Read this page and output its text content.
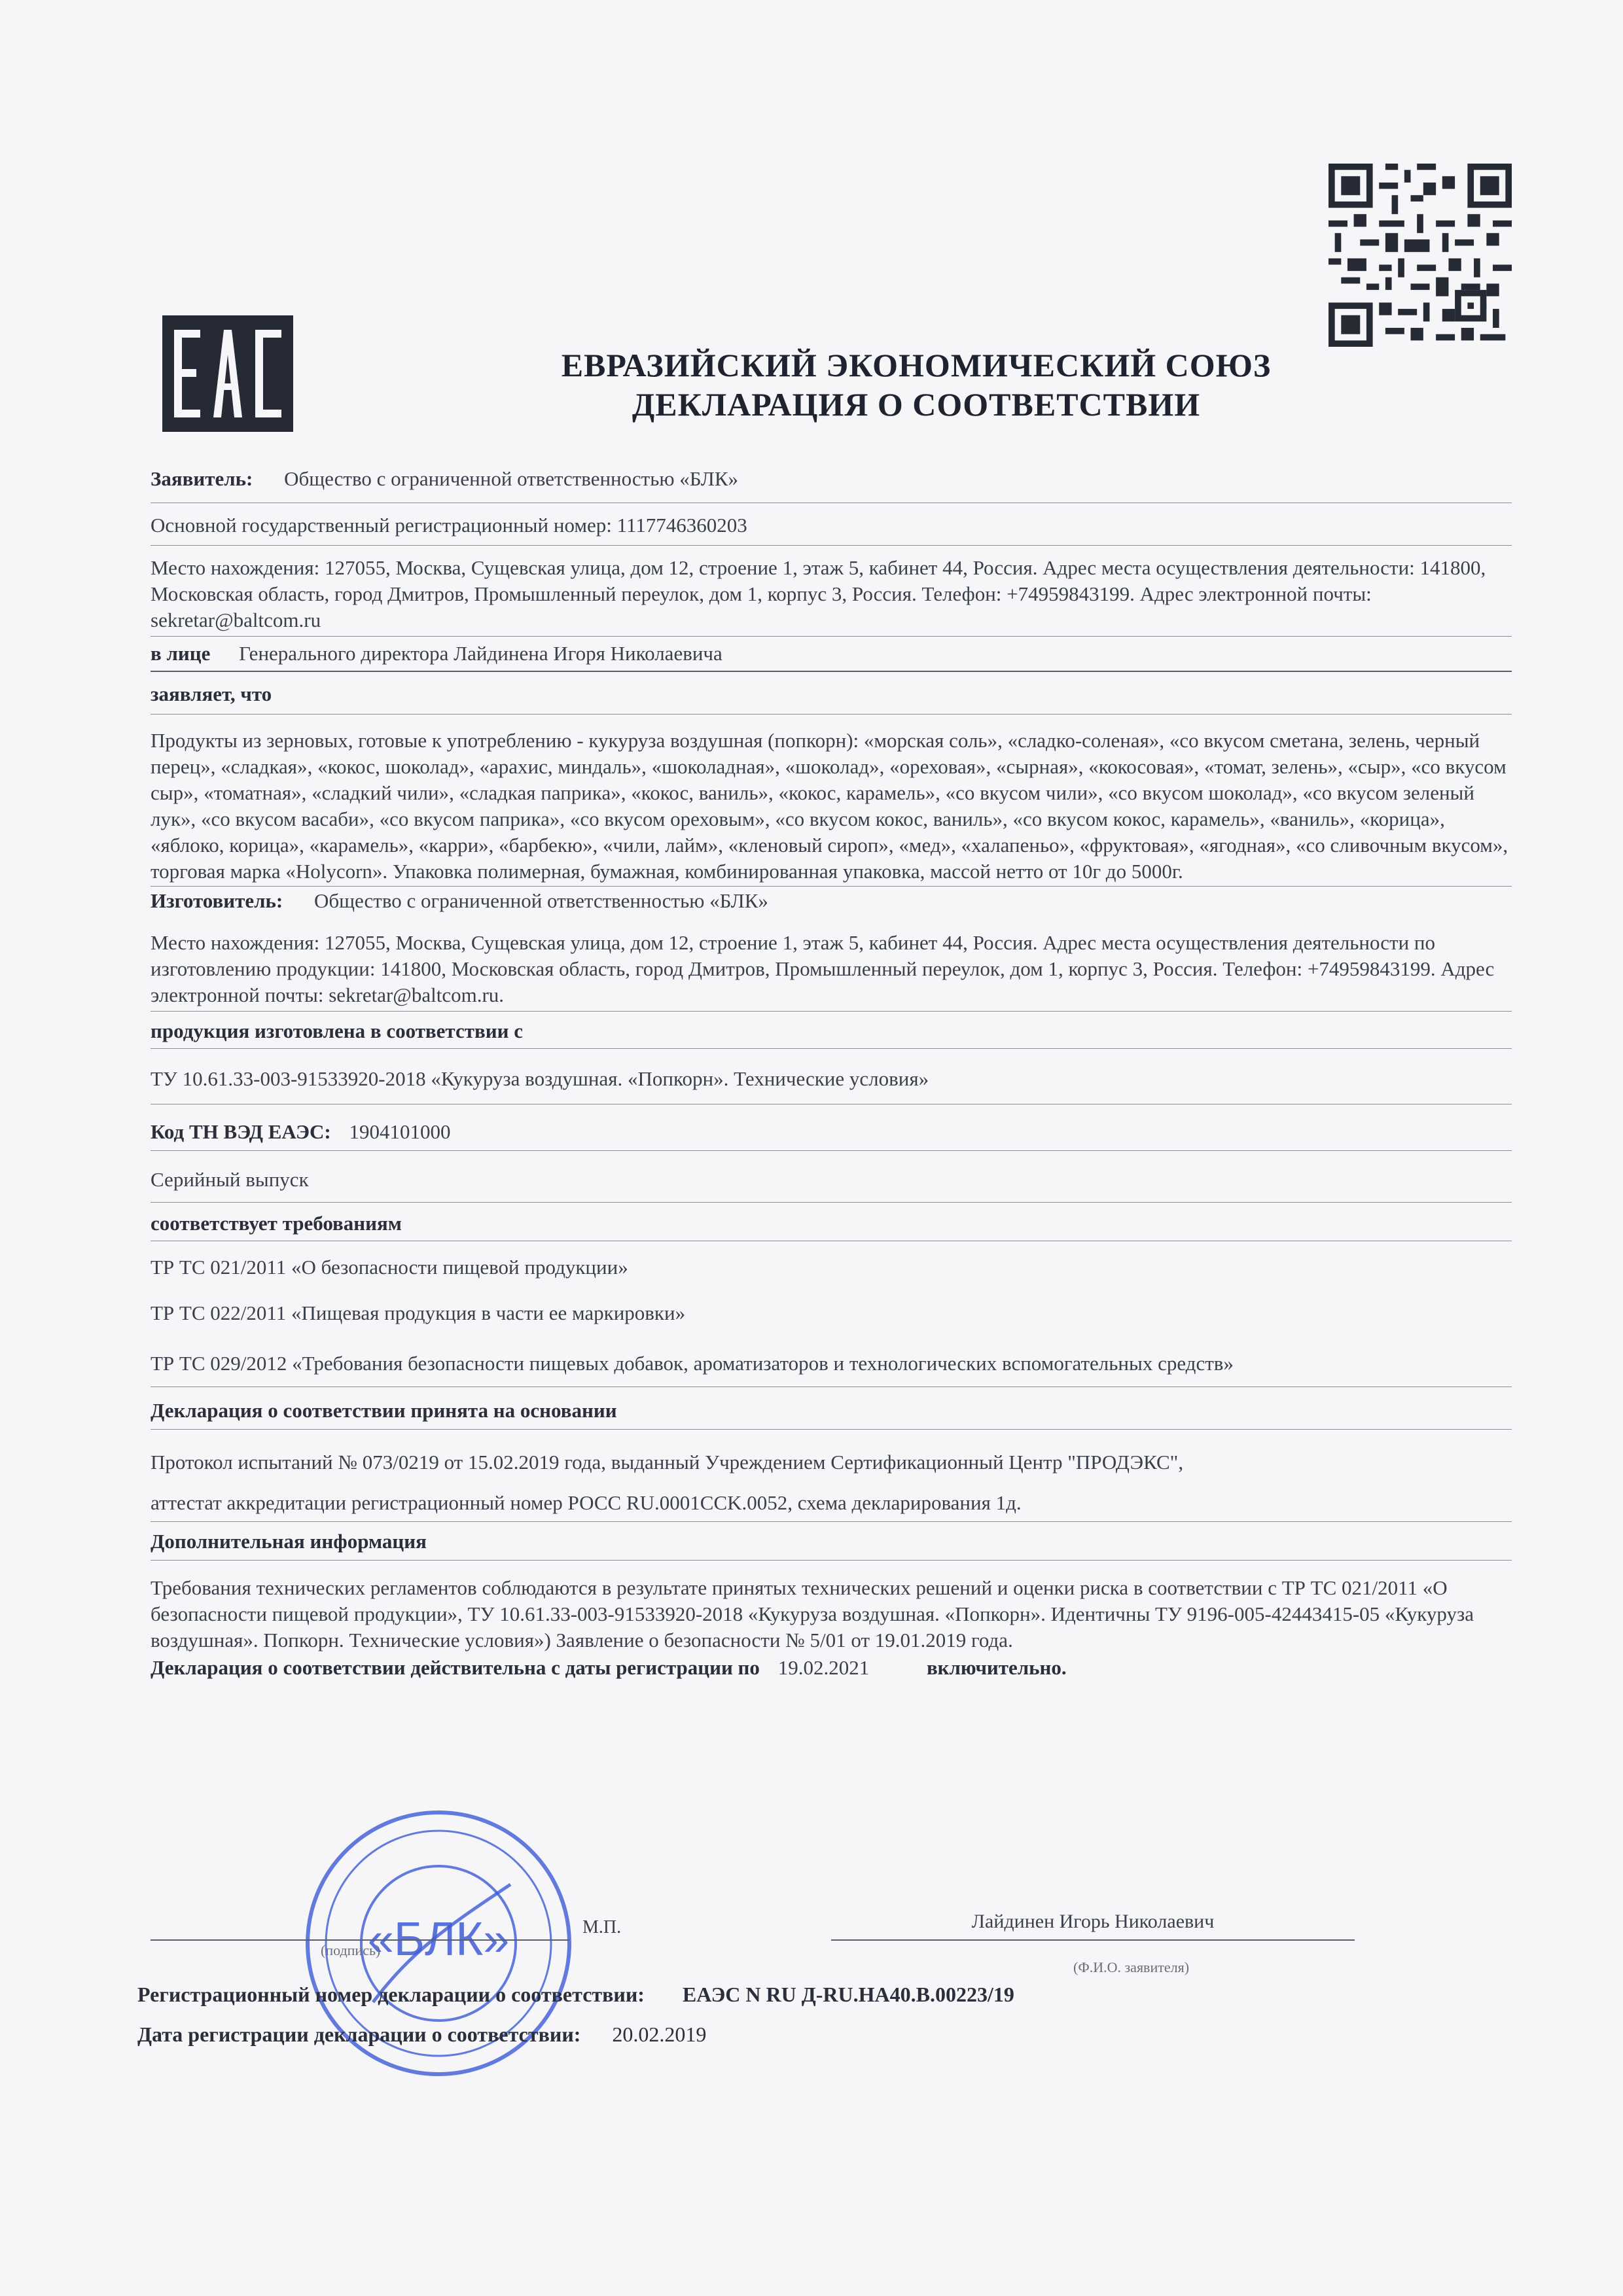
ЕВРАЗИЙСКИЙ ЭКОНОМИЧЕСКИЙ СОЮЗ
ДЕКЛАРАЦИЯ О СООТВЕТСТВИИ
Заявитель: Общество с ограниченной ответственностью «БЛК»
Основной государственный регистрационный номер: 1117746360203

Место нахождения: 127055, Москва, Сущевская улица, дом 12, строение 1, этаж 5, кабинет 44, Россия. Адрес места осуществления деятельности: 141800, Московская область, город Дмитров, Промышленный переулок, дом 1, корпус 3, Россия. Телефон: +74959843199. Адрес электронной почты: sekretar@baltcom.ru

в лице Генерального директора Лайдинена Игоря Николаевича
заявляет, что

Продукты из зерновых, готовые к употреблению - кукуруза воздушная (попкорн): «морская соль», «сладко-соленая», «со вкусом сметана, зелень, черный перец», «сладкая», «кокос, шоколад», «арахис, миндаль», «шоколадная», «шоколад», «ореховая», «сырная», «кокосовая», «томат, зелень», «сыр», «со вкусом сыр», «томатная», «сладкий чили», «сладкая паприка», «кокос, ваниль», «кокос, карамель», «со вкусом чили», «со вкусом шоколад», «со вкусом зеленый лук», «со вкусом васаби», «со вкусом паприка», «со вкусом ореховым», «со вкусом кокос, ваниль», «со вкусом кокос, карамель», «ваниль», «корица», «яблоко, корица», «карамель», «карри», «барбекю», «чили, лайм», «кленовый сироп», «мед», «халапеньо», «фруктовая», «ягодная», «со сливочным вкусом», торговая марка «Holycorn». Упаковка полимерная, бумажная, комбинированная упаковка, массой нетто от 10г до 5000г.

Изготовитель: Общество с ограниченной ответственностью «БЛК»

Место нахождения: 127055, Москва, Сущевская улица, дом 12, строение 1, этаж 5, кабинет 44, Россия. Адрес места осуществления деятельности по изготовлению продукции: 141800, Московская область, город Дмитров, Промышленный переулок, дом 1, корпус 3, Россия. Телефон: +74959843199. Адрес электронной почты: sekretar@baltcom.ru.

продукция изготовлена в соответствии с
ТУ 10.61.33-003-91533920-2018 «Кукуруза воздушная. «Попкорн». Технические условия»
Код ТН ВЭД ЕАЭС: 1904101000
Серийный выпуск
соответствует требованиям
ТР ТС 021/2011 «О безопасности пищевой продукции»
ТР ТС 022/2011 «Пищевая продукция в части ее маркировки»

ТР ТС 029/2012 «Требования безопасности пищевых добавок, ароматизаторов и технологических вспомогательных средств»

Декларация о соответствии принята на основании
Протокол испытаний № 073/0219 от 15.02.2019 года, выданный Учреждением Сертификационный Центр "ПРОДЭКС",
аттестат аккредитации регистрационный номер РОСС RU.0001CCK.0052, схема декларирования 1д.
Дополнительная информация

Требования технических регламентов соблюдаются в результате принятых технических решений и оценки риска в соответствии с ТР ТС 021/2011 «О безопасности пищевой продукции», ТУ 10.61.33-003-91533920-2018 «Кукуруза воздушная. «Попкорн». Идентичны ТУ 9196-005-42443415-05 «Кукуруза воздушная». Попкорн. Технические условия») Заявление о безопасности № 5/01 от 19.01.2019 года.

Декларация о соответствии действительна с даты регистрации по 19.02.2021	включительно.
«БЛК»
(подпись)
М.П.	Лайдинен Игорь Николаевич
(Ф.И.О. заявителя)
Регистрационный номер декларации о соответствии: ЕАЭС N RU Д-RU.НА40.В.00223/19
Дата регистрации декларации о соответствии: 20.02.2019
